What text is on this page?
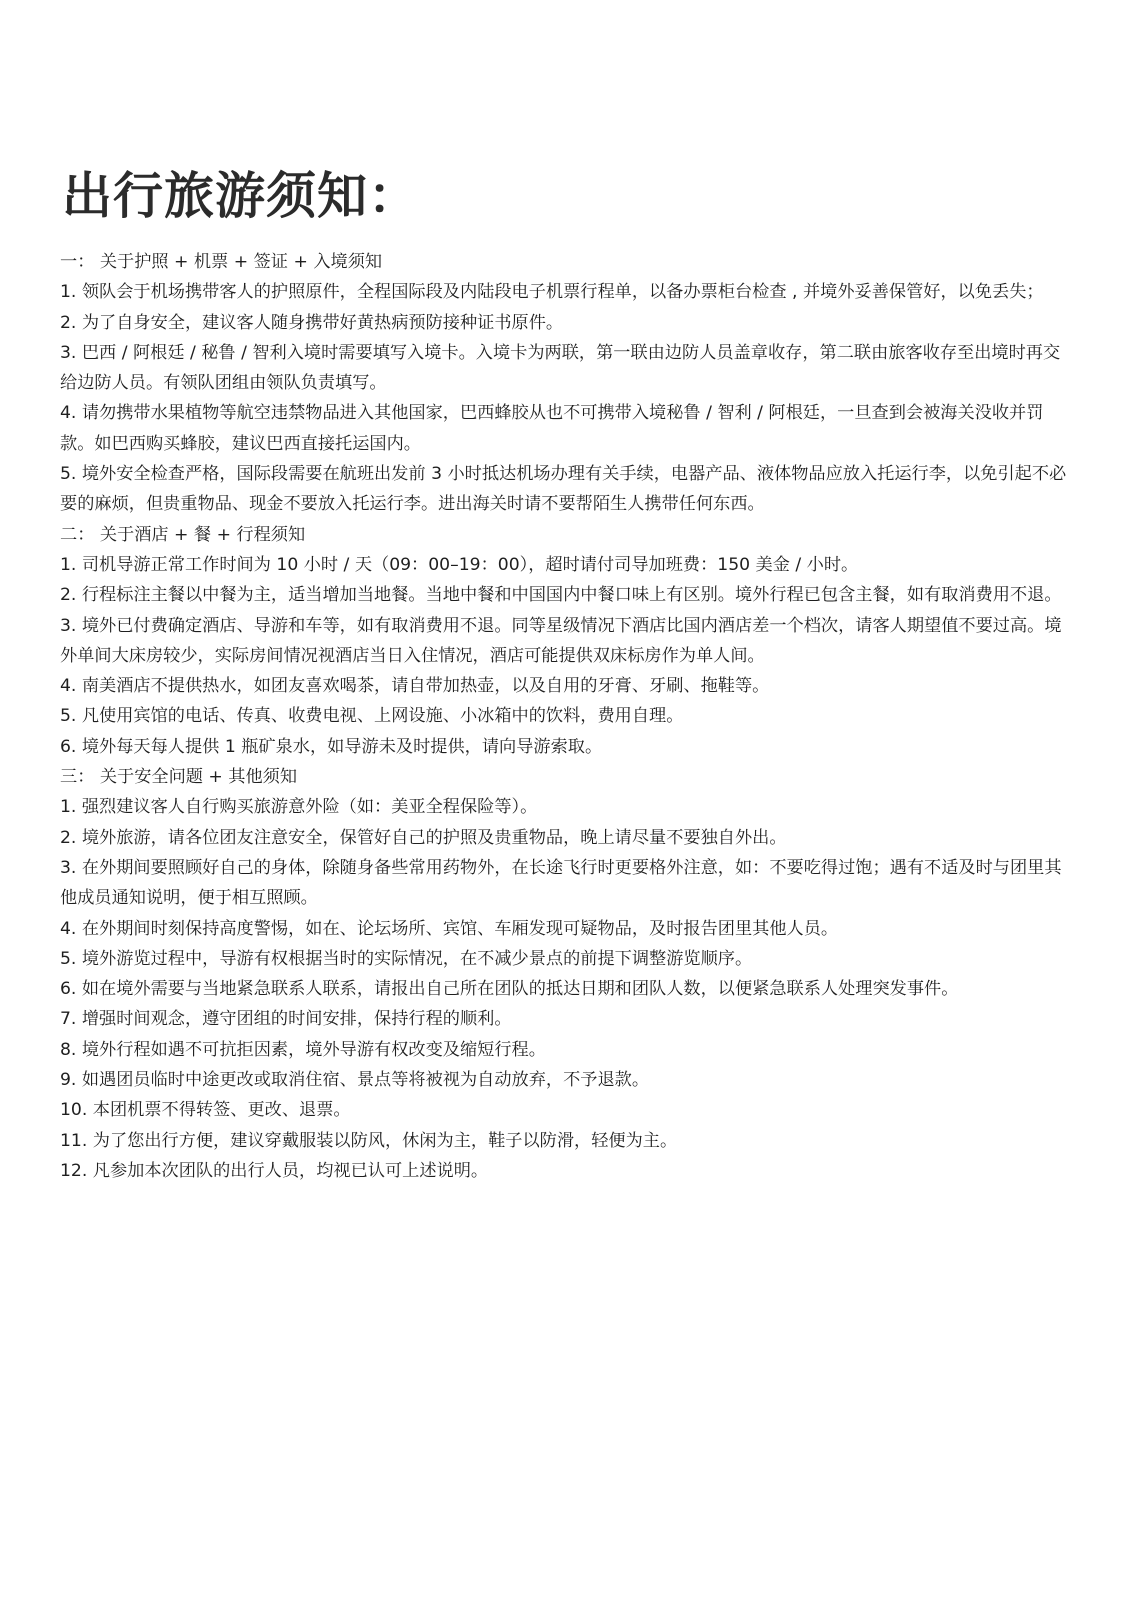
出行旅游须知：

一： 关于护照 + 机票 + 签证 + 入境须知

1. 领队会于机场携带客人的护照原件，全程国际段及内陆段电子机票行程单，以备办票柜台检查 , 并境外妥善保管好，以免丢失；

2. 为了自身安全，建议客人随身携带好黄热病预防接种证书原件。

3. 巴西 / 阿根廷 / 秘鲁 / 智利入境时需要填写入境卡。入境卡为两联，第一联由边防人员盖章收存，第二联由旅客收存至出境时再交给边防人员。有领队团组由领队负责填写。

4. 请勿携带水果植物等航空违禁物品进入其他国家，巴西蜂胶从也不可携带入境秘鲁 / 智利 / 阿根廷，一旦查到会被海关没收并罚款。如巴西购买蜂胶，建议巴西直接托运国内。

5. 境外安全检查严格，国际段需要在航班出发前 3 小时抵达机场办理有关手续，电器产品、液体物品应放入托运行李，以免引起不必要的麻烦，但贵重物品、现金不要放入托运行李。进出海关时请不要帮陌生人携带任何东西。

二： 关于酒店 + 餐 + 行程须知

1. 司机导游正常工作时间为 10 小时 / 天（09：00–19：00），超时请付司导加班费：150 美金 / 小时。

2. 行程标注主餐以中餐为主，适当增加当地餐。当地中餐和中国国内中餐口味上有区别。境外行程已包含主餐，如有取消费用不退。

3. 境外已付费确定酒店、导游和车等，如有取消费用不退。同等星级情况下酒店比国内酒店差一个档次，请客人期望值不要过高。境外单间大床房较少，实际房间情况视酒店当日入住情况，酒店可能提供双床标房作为单人间。

4. 南美酒店不提供热水，如团友喜欢喝茶，请自带加热壶，以及自用的牙膏、牙刷、拖鞋等。

5. 凡使用宾馆的电话、传真、收费电视、上网设施、小冰箱中的饮料，费用自理。

6. 境外每天每人提供 1 瓶矿泉水，如导游未及时提供，请向导游索取。

三： 关于安全问题 + 其他须知

1. 强烈建议客人自行购买旅游意外险（如：美亚全程保险等）。

2. 境外旅游，请各位团友注意安全，保管好自己的护照及贵重物品，晚上请尽量不要独自外出。

3. 在外期间要照顾好自己的身体，除随身备些常用药物外，在长途飞行时更要格外注意，如：不要吃得过饱；遇有不适及时与团里其他成员通知说明，便于相互照顾。

4. 在外期间时刻保持高度警惕，如在、论坛场所、宾馆、车厢发现可疑物品，及时报告团里其他人员。

5. 境外游览过程中，导游有权根据当时的实际情况，在不减少景点的前提下调整游览顺序。

6. 如在境外需要与当地紧急联系人联系，请报出自己所在团队的抵达日期和团队人数，以便紧急联系人处理突发事件。

7. 增强时间观念，遵守团组的时间安排，保持行程的顺利。

8. 境外行程如遇不可抗拒因素，境外导游有权改变及缩短行程。

9. 如遇团员临时中途更改或取消住宿、景点等将被视为自动放弃，不予退款。

10. 本团机票不得转签、更改、退票。

11. 为了您出行方便，建议穿戴服装以防风，休闲为主，鞋子以防滑，轻便为主。

12. 凡参加本次团队的出行人员，均视已认可上述说明。
